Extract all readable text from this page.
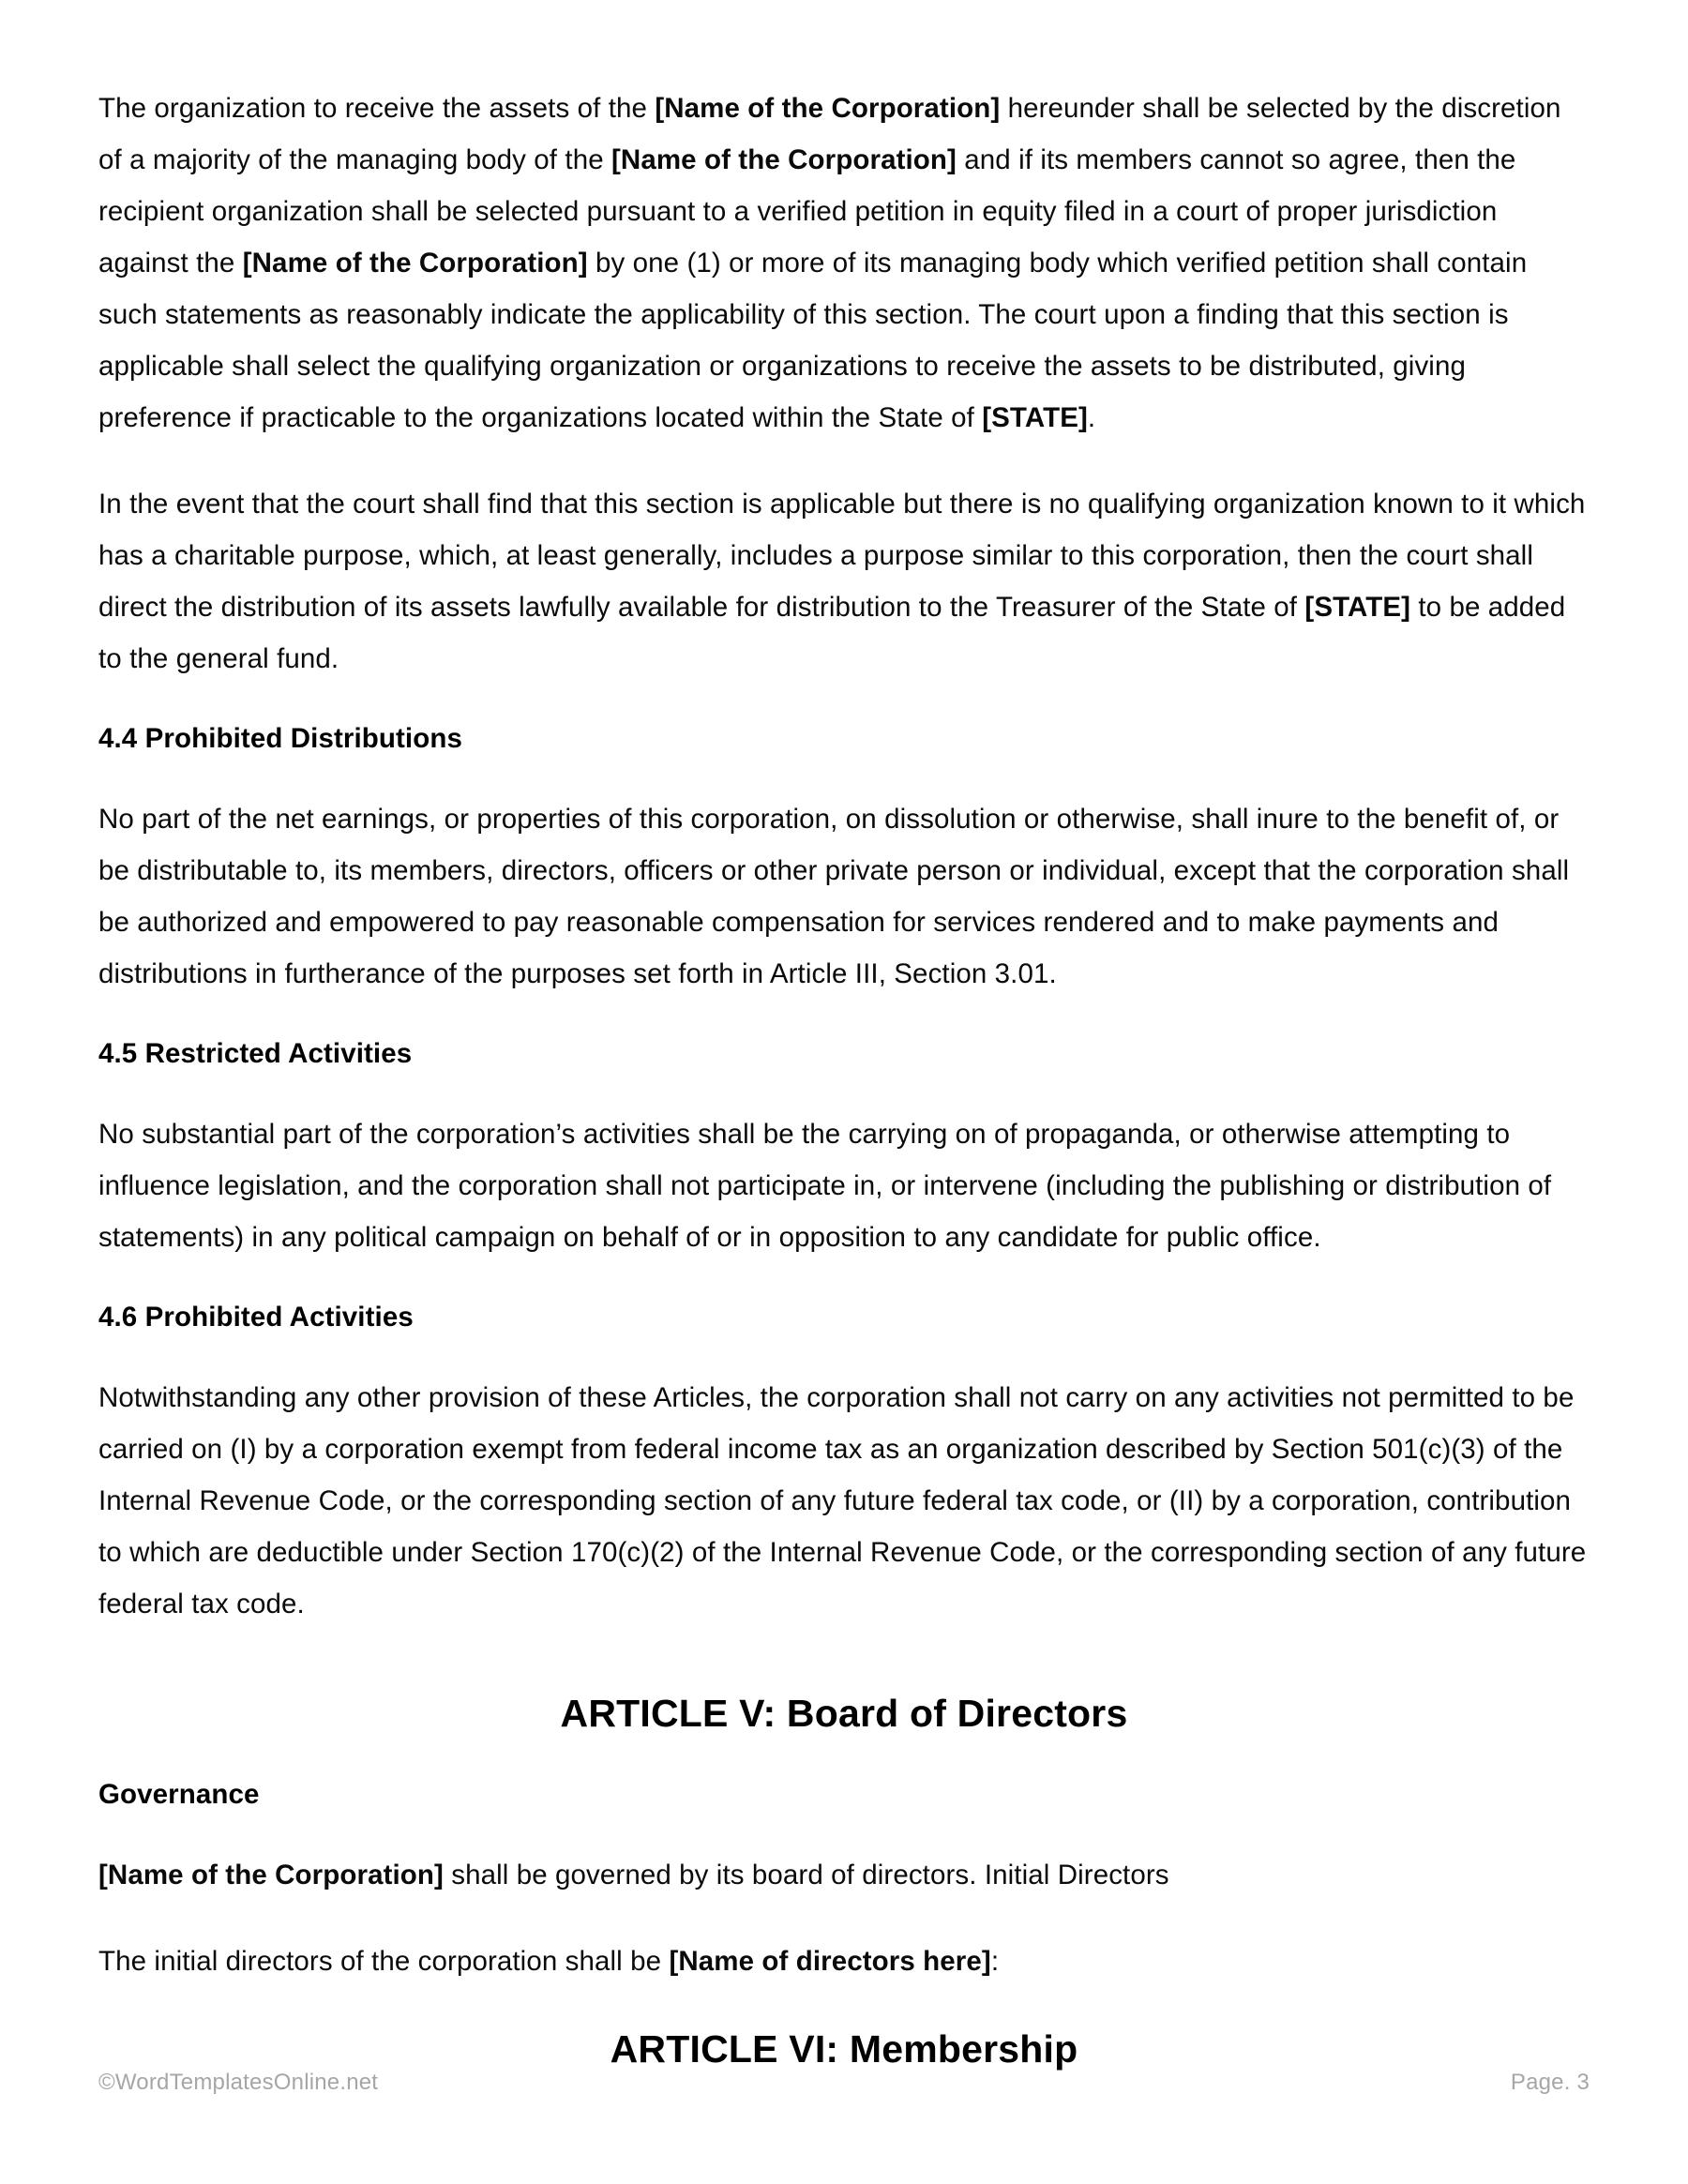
The organization to receive the assets of the [Name of the Corporation] hereunder shall be selected by the discretion of a majority of the managing body of the [Name of the Corporation] and if its members cannot so agree, then the recipient organization shall be selected pursuant to a verified petition in equity filed in a court of proper jurisdiction against the [Name of the Corporation] by one (1) or more of its managing body which verified petition shall contain such statements as reasonably indicate the applicability of this section. The court upon a finding that this section is applicable shall select the qualifying organization or organizations to receive the assets to be distributed, giving preference if practicable to the organizations located within the State of [STATE].

In the event that the court shall find that this section is applicable but there is no qualifying organization known to it which has a charitable purpose, which, at least generally, includes a purpose similar to this corporation, then the court shall direct the distribution of its assets lawfully available for distribution to the Treasurer of the State of [STATE] to be added to the general fund.

4.4 Prohibited Distributions

No part of the net earnings, or properties of this corporation, on dissolution or otherwise, shall inure to the benefit of, or be distributable to, its members, directors, officers or other private person or individual, except that the corporation shall be authorized and empowered to pay reasonable compensation for services rendered and to make payments and distributions in furtherance of the purposes set forth in Article III, Section 3.01.

4.5 Restricted Activities

No substantial part of the corporation’s activities shall be the carrying on of propaganda, or otherwise attempting to influence legislation, and the corporation shall not participate in, or intervene (including the publishing or distribution of statements) in any political campaign on behalf of or in opposition to any candidate for public office.

4.6 Prohibited Activities

Notwithstanding any other provision of these Articles, the corporation shall not carry on any activities not permitted to be carried on (I) by a corporation exempt from federal income tax as an organization described by Section 501(c)(3) of the Internal Revenue Code, or the corresponding section of any future federal tax code, or (II) by a corporation, contribution to which are deductible under Section 170(c)(2) of the Internal Revenue Code, or the corresponding section of any future federal tax code.

ARTICLE V: Board of Directors
Governance

[Name of the Corporation] shall be governed by its board of directors. Initial Directors

The initial directors of the corporation shall be [Name of directors here]:

ARTICLE VI: Membership
©WordTemplatesOnline.net	Page. 3
